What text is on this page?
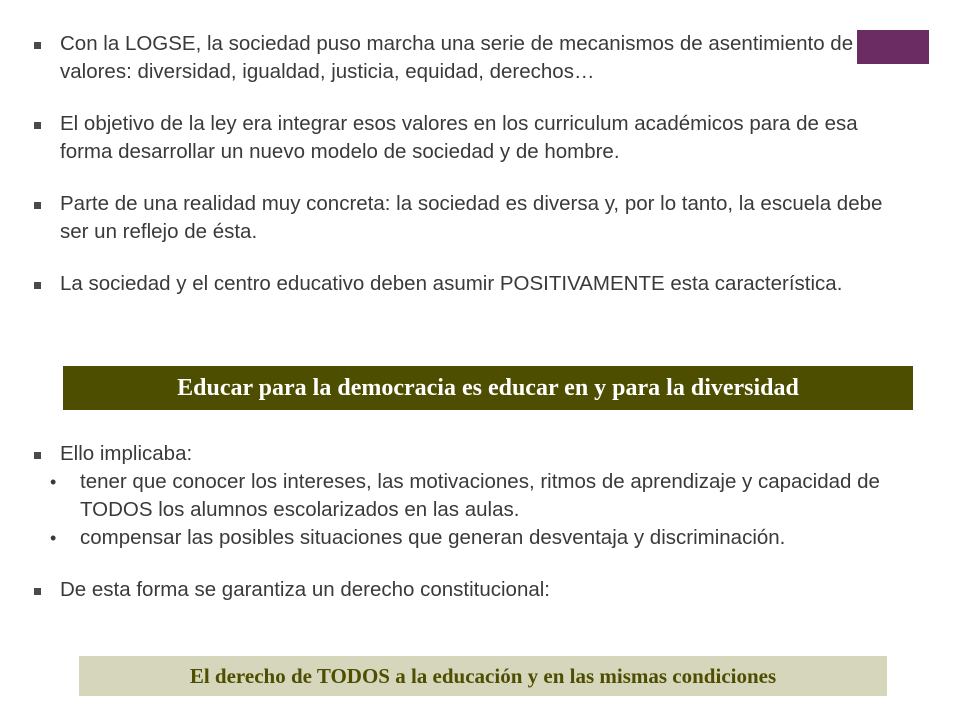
Con la LOGSE, la sociedad puso marcha una serie de mecanismos de asentimiento de valores: diversidad, igualdad, justicia, equidad, derechos…
El objetivo de la ley era integrar esos valores en los curriculum académicos para de esa forma desarrollar un nuevo modelo de sociedad y de hombre.
Parte de una realidad muy concreta: la sociedad es diversa y, por lo tanto, la escuela debe ser un reflejo de ésta.
La sociedad y el centro educativo deben asumir POSITIVAMENTE esta característica.
Educar para la democracia es educar en y para la diversidad
Ello implicaba:
• tener que conocer los intereses, las motivaciones, ritmos de aprendizaje y capacidad de TODOS los alumnos escolarizados en las aulas.
• compensar las posibles situaciones que generan desventaja y discriminación.
De esta forma se garantiza un derecho constitucional:
El derecho de TODOS a la educación y en las mismas condiciones
